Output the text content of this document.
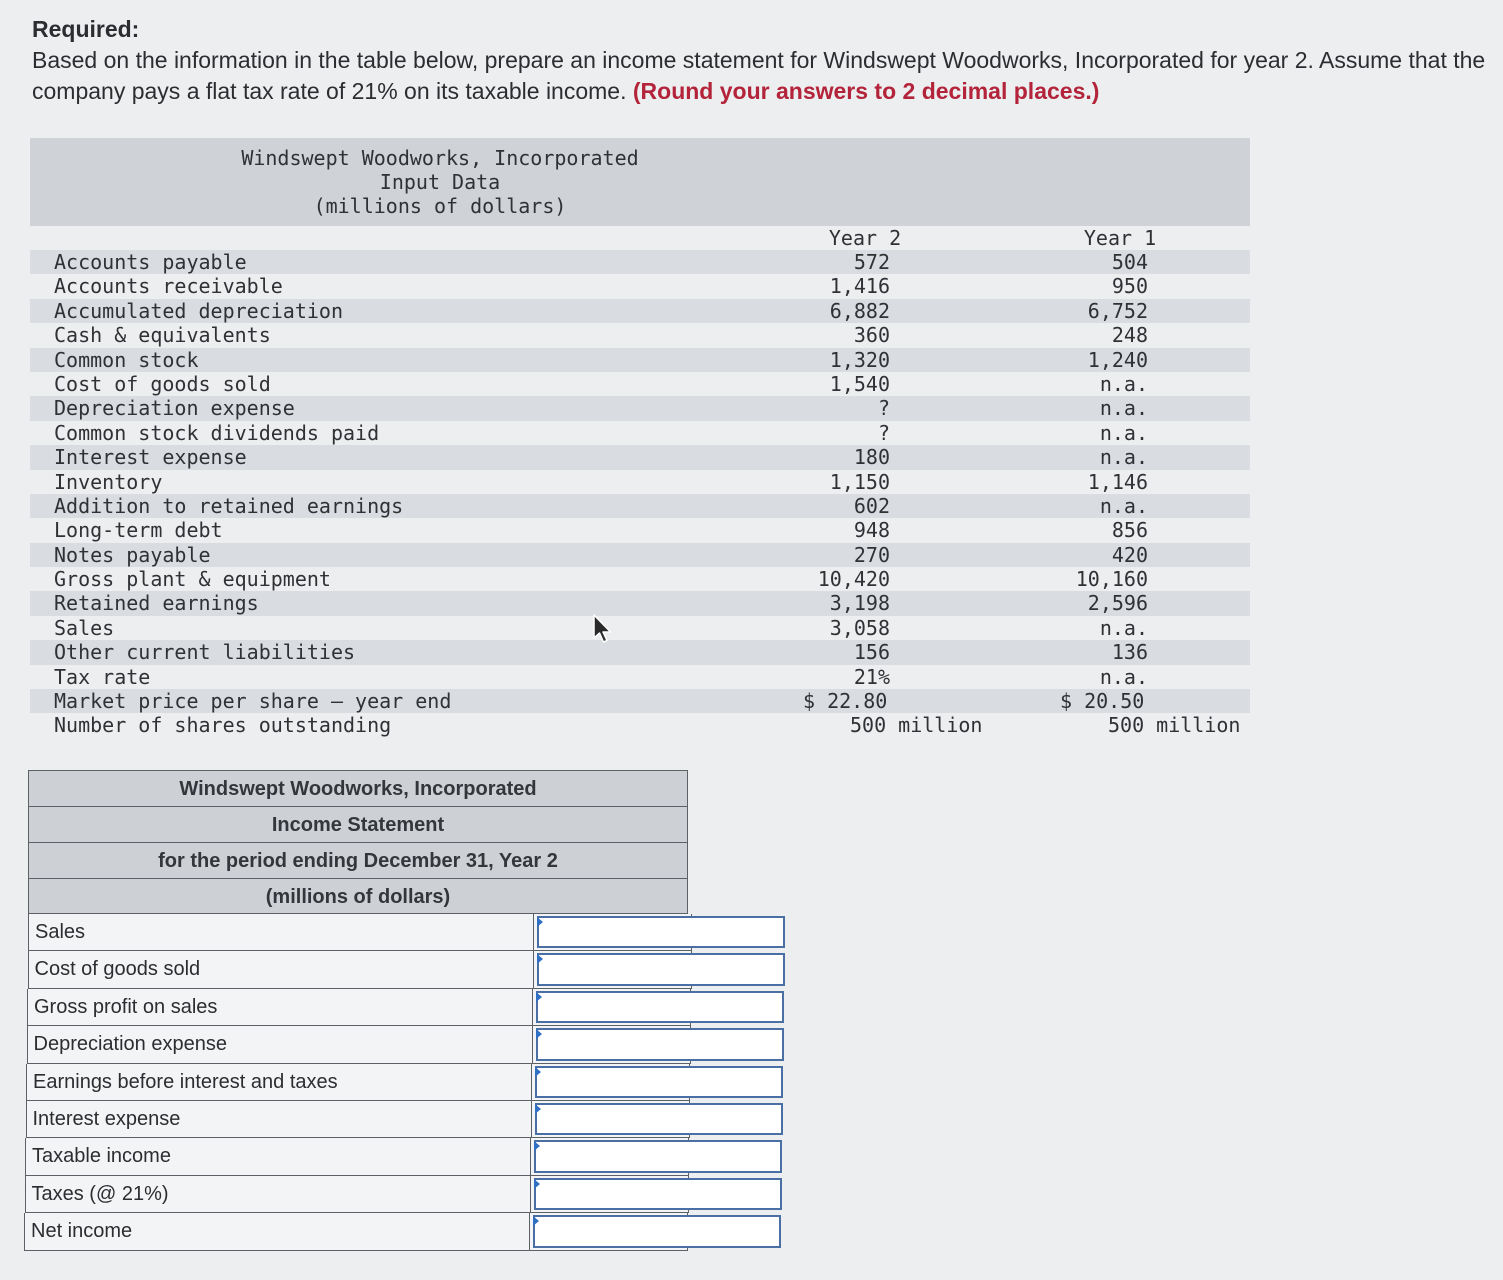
Required:
Based on the information in the table below, prepare an income statement for Windswept Woodworks, Incorporated for year 2. Assume that the company pays a flat tax rate of 21% on its taxable income. (Round your answers to 2 decimal places.)
Windswept Woodworks, Incorporated
Input Data
(millions of dollars)
Year 2	Year 1
Accounts payable	572	504
Accounts receivable	1,416	950
Accumulated depreciation	6,882	6,752
Cash & equivalents	360	248
Common stock	1,320	1,240
Cost of goods sold	1,540	n.a.
Depreciation expense	?	n.a.
Common stock dividends paid	?	n.a.
Interest expense	180	n.a.
Inventory	1,150	1,146
Addition to retained earnings	602	n.a.
Long-term debt	948	856
Notes payable	270	420
Gross plant & equipment	10,420	10,160
Retained earnings	3,198	2,596
Sales	3,058	n.a.
Other current liabilities	156	136
Tax rate	21%	n.a.
Market price per share – year end	$ 22.80	$ 20.50
Number of shares outstanding	500 million	500 million
Windswept Woodworks, Incorporated
Income Statement
for the period ending December 31, Year 2
(millions of dollars)
Sales
Cost of goods sold
Gross profit on sales
Depreciation expense
Earnings before interest and taxes
Interest expense
Taxable income
Taxes (@ 21%)
Net income
